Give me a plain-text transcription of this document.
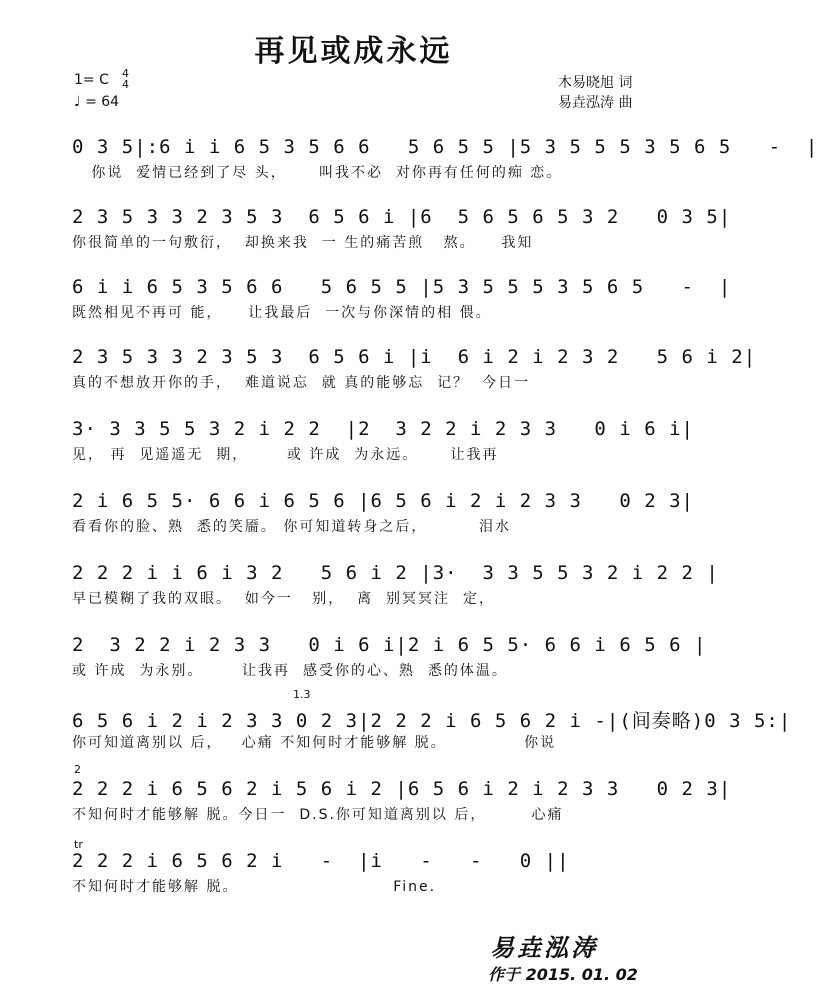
再见或成永远
1= C 4
4
♩ = 64
木易晓旭 词
易垚泓涛 曲
0 3 5|:6 i i 6 5 3 5 6 6   5 6 5 5 |5 3 5 5 5 3 5 6 5   -  |
你说  爱情已经到了尽 头，     叫我不必  对你再有任何的痴 恋。
2 3 5 3 3 2 3 5 3  6 5 6 i |6  5 6 5 6 5 3 2   0 3 5|
你很简单的一句敷衍，  却换来我  一 生的痛苦煎   熬。    我知
6 i i 6 5 3 5 6 6   5 6 5 5 |5 3 5 5 5 3 5 6 5   -  |
既然相见不再可 能，    让我最后  一次与你深情的相 偎。
2 3 5 3 3 2 3 5 3  6 5 6 i |i  6 i 2 i 2 3 2   5 6 i 2|
真的不想放开你的手，  难道说忘  就 真的能够忘  记？  今日一
3· 3 3 5 5 3 2 i 2 2  |2  3 2 2 i 2 3 3   0 i 6 i|
见， 再  见遥遥无  期，      或 许成  为永远。     让我再
2 i 6 5 5· 6 6 i 6 5 6 |6 5 6 i 2 i 2 3 3   0 2 3|
看看你的脸、熟  悉的笑靥。 你可知道转身之后，        泪水
2 2 2 i i 6 i 3 2   5 6 i 2 |3·  3 3 5 5 3 2 i 2 2 |
早已模糊了我的双眼。  如今一   别，  离  别冥冥注  定，
2  3 2 2 i 2 3 3   0 i 6 i|2 i 6 5 5· 6 6 i 6 5 6 |
或 许成  为永别。      让我再  感受你的心、熟  悉的体温。
6 5 6 i 2 i 2 3 3 0 2 3|2 2 2 i 6 5 6 2 i -|(间奏略)0 3 5:|
你可知道离别以 后，   心痛 不知何时才能够解 脱。            你说
2 2 2 i 6 5 6 2 i 5 6 i 2 |6 5 6 i 2 i 2 3 3   0 2 3|
不知何时才能够解 脱。今日一  D.S.你可知道离别以 后，       心痛
2 2 2 i 6 5 6 2 i   -  |i   -   -   0 ||
不知何时才能够解 脱。                        Fine.
1.3
2
tr
易垚泓涛
作于 2015. 01. 02
